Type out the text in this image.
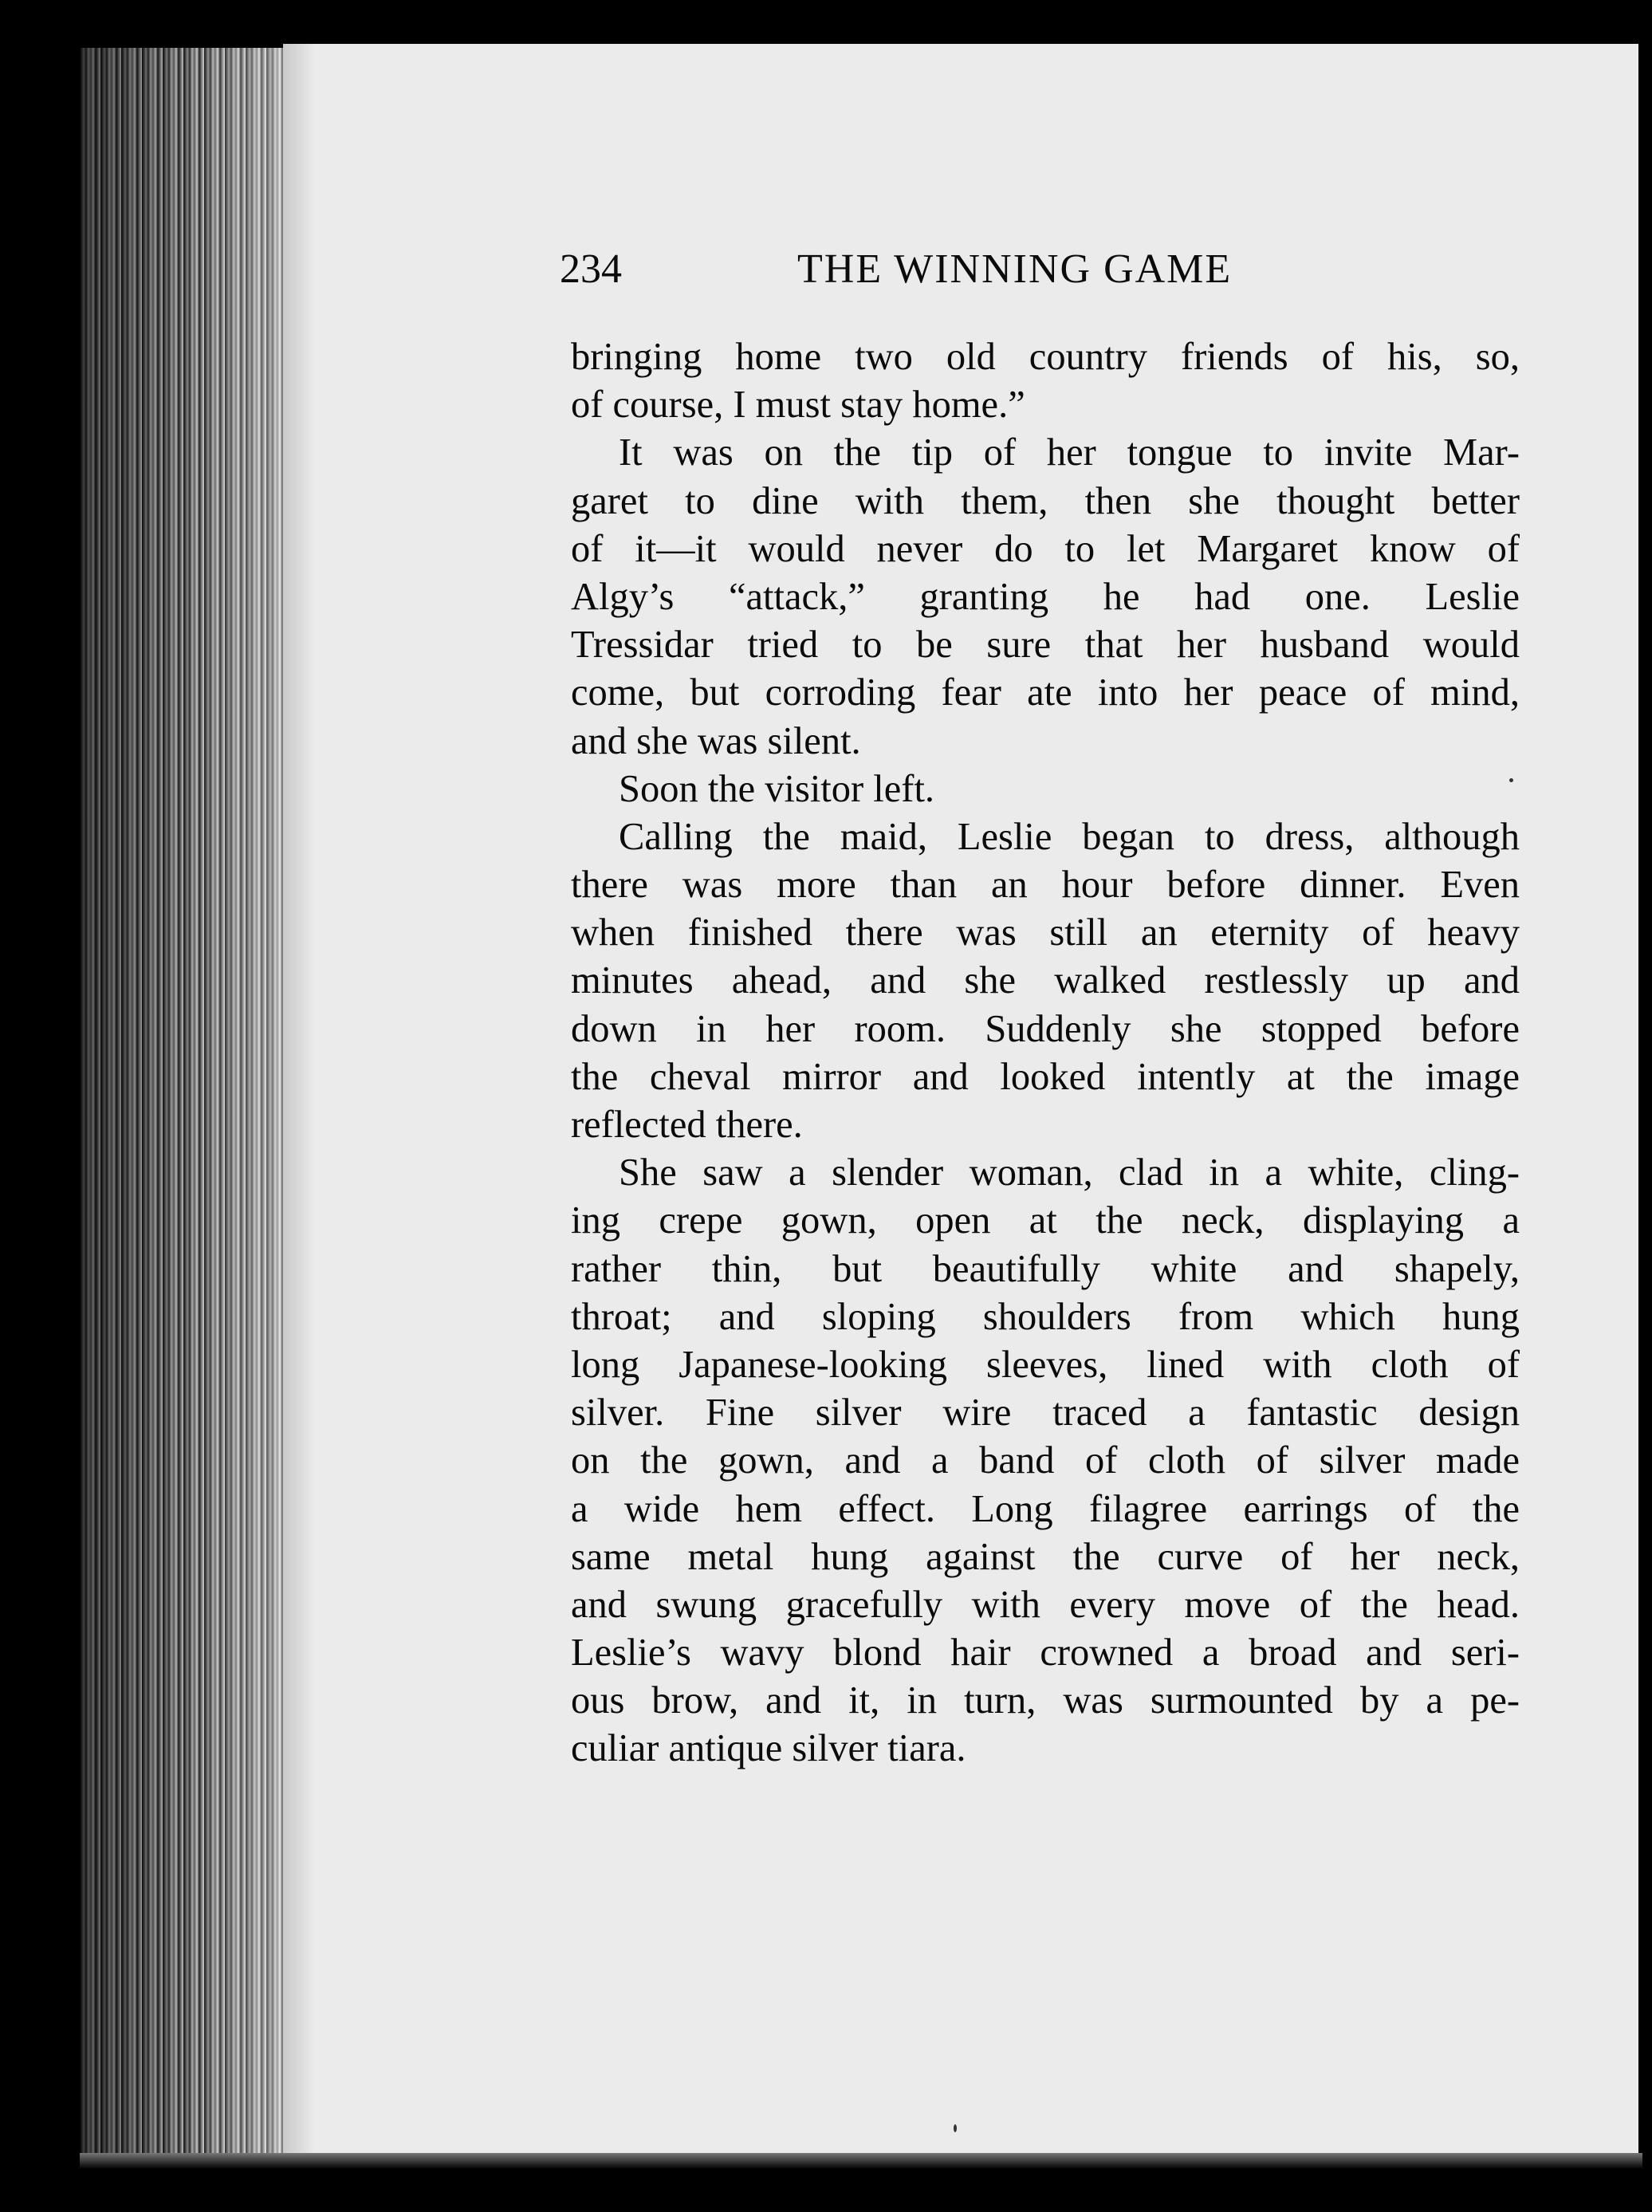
234	THE WINNING GAME
bringing home two old country friends of his, so,
of course, I must stay home.”
It was on the tip of her tongue to invite Mar-
garet to dine with them, then she thought better
of it—it would never do to let Margaret know of
Algy’s “attack,” granting he had one. Leslie
Tressidar tried to be sure that her husband would
come, but corroding fear ate into her peace of mind,
and she was silent.
Soon the visitor left.
Calling the maid, Leslie began to dress, although
there was more than an hour before dinner. Even
when finished there was still an eternity of heavy
minutes ahead, and she walked restlessly up and
down in her room. Suddenly she stopped before
the cheval mirror and looked intently at the image
reflected there.
She saw a slender woman, clad in a white, cling-
ing crepe gown, open at the neck, displaying a
rather thin, but beautifully white and shapely,
throat; and sloping shoulders from which hung
long Japanese-looking sleeves, lined with cloth of
silver. Fine silver wire traced a fantastic design
on the gown, and a band of cloth of silver made
a wide hem effect. Long filagree earrings of the
same metal hung against the curve of her neck,
and swung gracefully with every move of the head.
Leslie’s wavy blond hair crowned a broad and seri-
ous brow, and it, in turn, was surmounted by a pe-
culiar antique silver tiara.
